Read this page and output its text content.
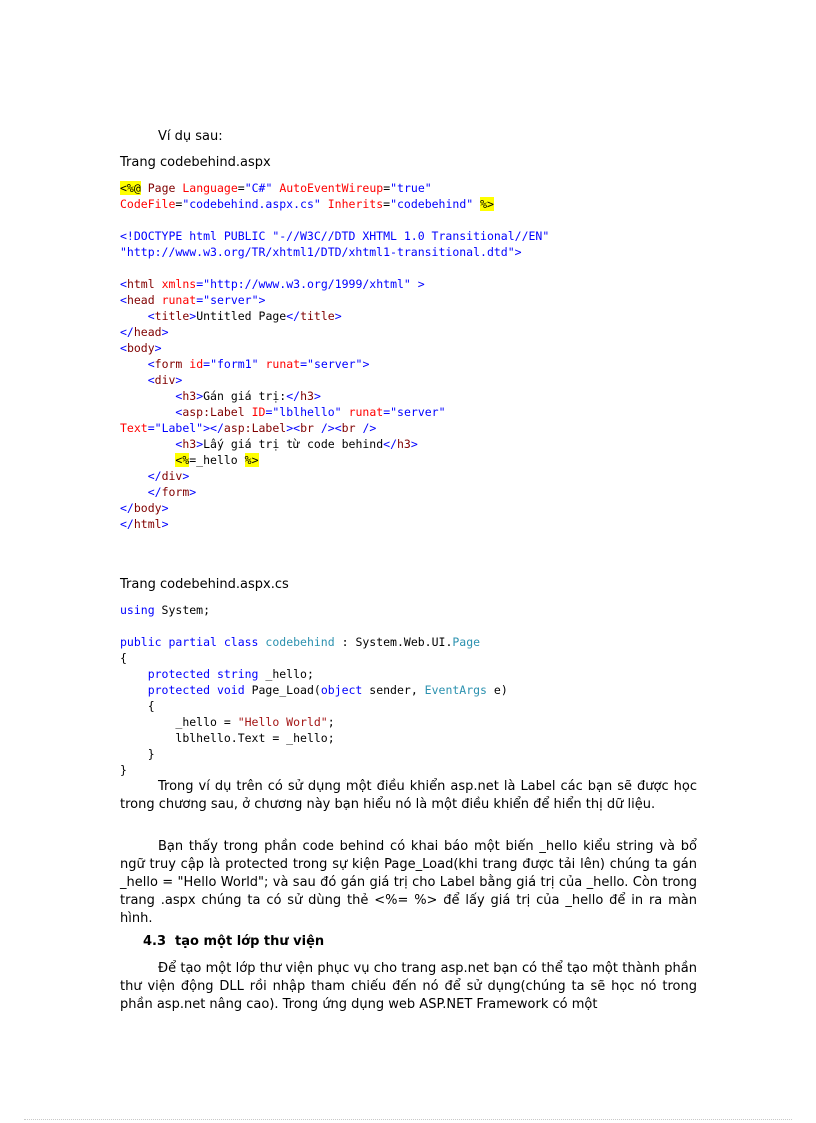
Ví dụ sau:
Trang codebehind.aspx
<%@ Page Language="C#" AutoEventWireup="true"
CodeFile="codebehind.aspx.cs" Inherits="codebehind" %>

<!DOCTYPE html PUBLIC "-//W3C//DTD XHTML 1.0 Transitional//EN"
"http://www.w3.org/TR/xhtml1/DTD/xhtml1-transitional.dtd">

<html xmlns="http://www.w3.org/1999/xhtml" >
<head runat="server">
<title>Untitled Page</title>
</head>
<body>
<form id="form1" runat="server">
<div>
<h3>Gán giá trị:</h3>
<asp:Label ID="lblhello" runat="server"
Text="Label"></asp:Label><br /><br />
<h3>Lấy giá trị từ code behind</h3>
<%=_hello %>
</div>
</form>
</body>
</html>
Trang codebehind.aspx.cs
using System;

public partial class codebehind : System.Web.UI.Page
{
protected string _hello;
protected void Page_Load(object sender, EventArgs e)
{
_hello = "Hello World";
lblhello.Text = _hello;
}
}

Trong ví dụ trên có sử dụng một điều khiển asp.net là Label các bạn sẽ được học trong chương sau, ở chương này bạn hiểu nó là một điều khiển để hiển thị dữ liệu.

Bạn thấy trong phần code behind có khai báo một biến _hello kiểu string và bổ ngữ truy cập là protected trong sự kiện Page_Load(khi trang được tải lên) chúng ta gán _hello = "Hello World"; và sau đó gán giá trị cho Label bằng giá trị của _hello. Còn trong trang .aspx chúng ta có sử dùng thẻ <%= %> để lấy giá trị của _hello để in ra màn hình.

4.3 tạo một lớp thư viện

Để tạo một lớp thư viện phục vụ cho trang asp.net bạn có thể tạo một thành phần thư viện động DLL rồi nhập tham chiếu đến nó để sử dụng(chúng ta sẽ học nó trong phần asp.net nâng cao). Trong ứng dụng web ASP.NET Framework có một
